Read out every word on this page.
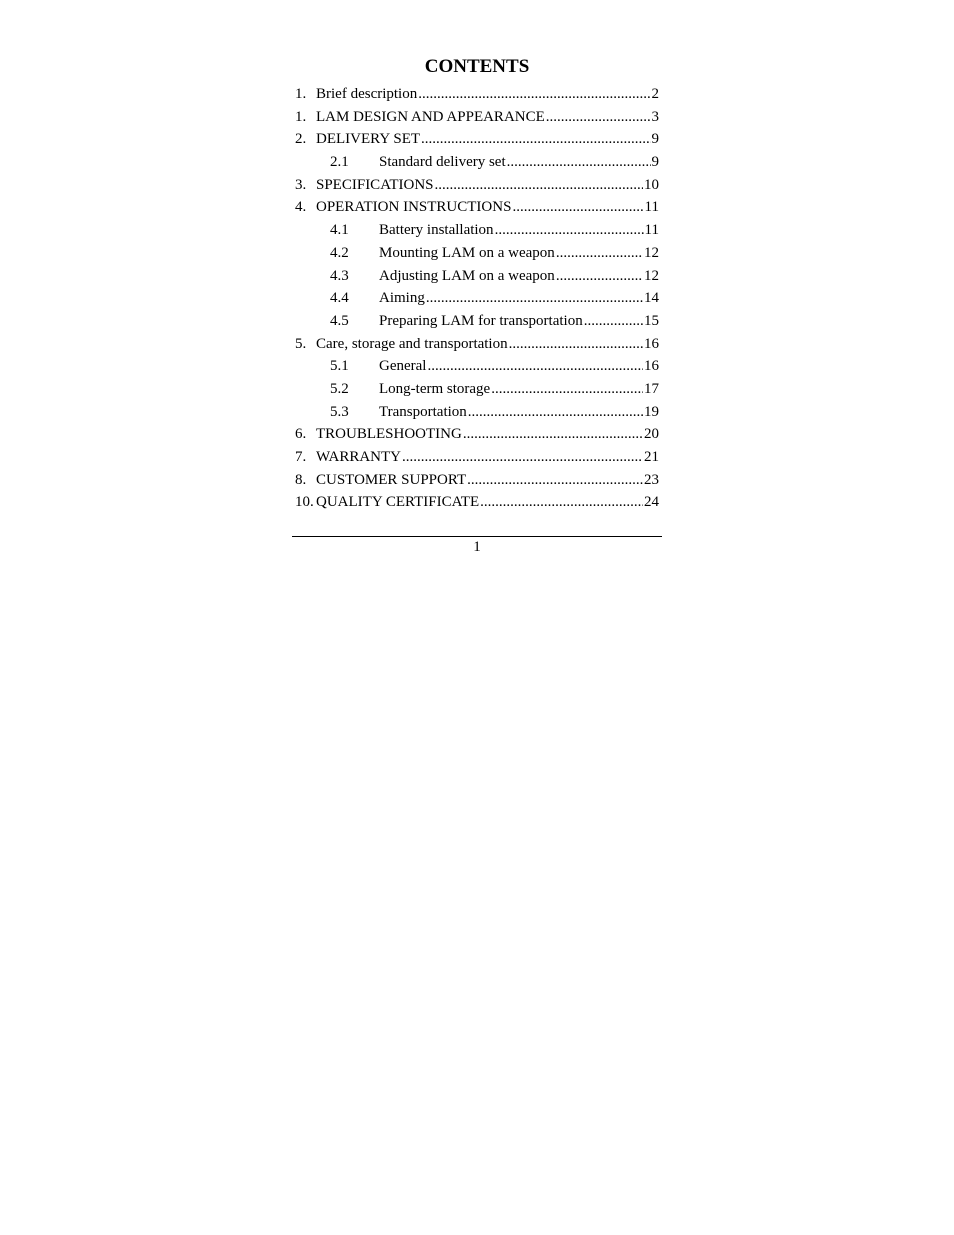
CONTENTS
1. Brief description .....	2
1. LAM DESIGN AND APPEARANCE .....	3
2. DELIVERY SET .....	9
2.1	Standard delivery set .....	9
3. SPECIFICATIONS .....	10
4. OPERATION INSTRUCTIONS .....	11
4.1	Battery installation .....	11
4.2	Mounting LAM on a weapon .....	12
4.3	Adjusting LAM on a weapon .....	12
4.4	Aiming .....	14
4.5	Preparing LAM for transportation .....	15
5. Care, storage and transportation .....	16
5.1	General .....	16
5.2	Long-term storage .....	17
5.3	Transportation .....	19
6. TROUBLESHOOTING .....	20
7. WARRANTY .....	21
8. CUSTOMER SUPPORT .....	23
10. QUALITY CERTIFICATE .....	24
1
